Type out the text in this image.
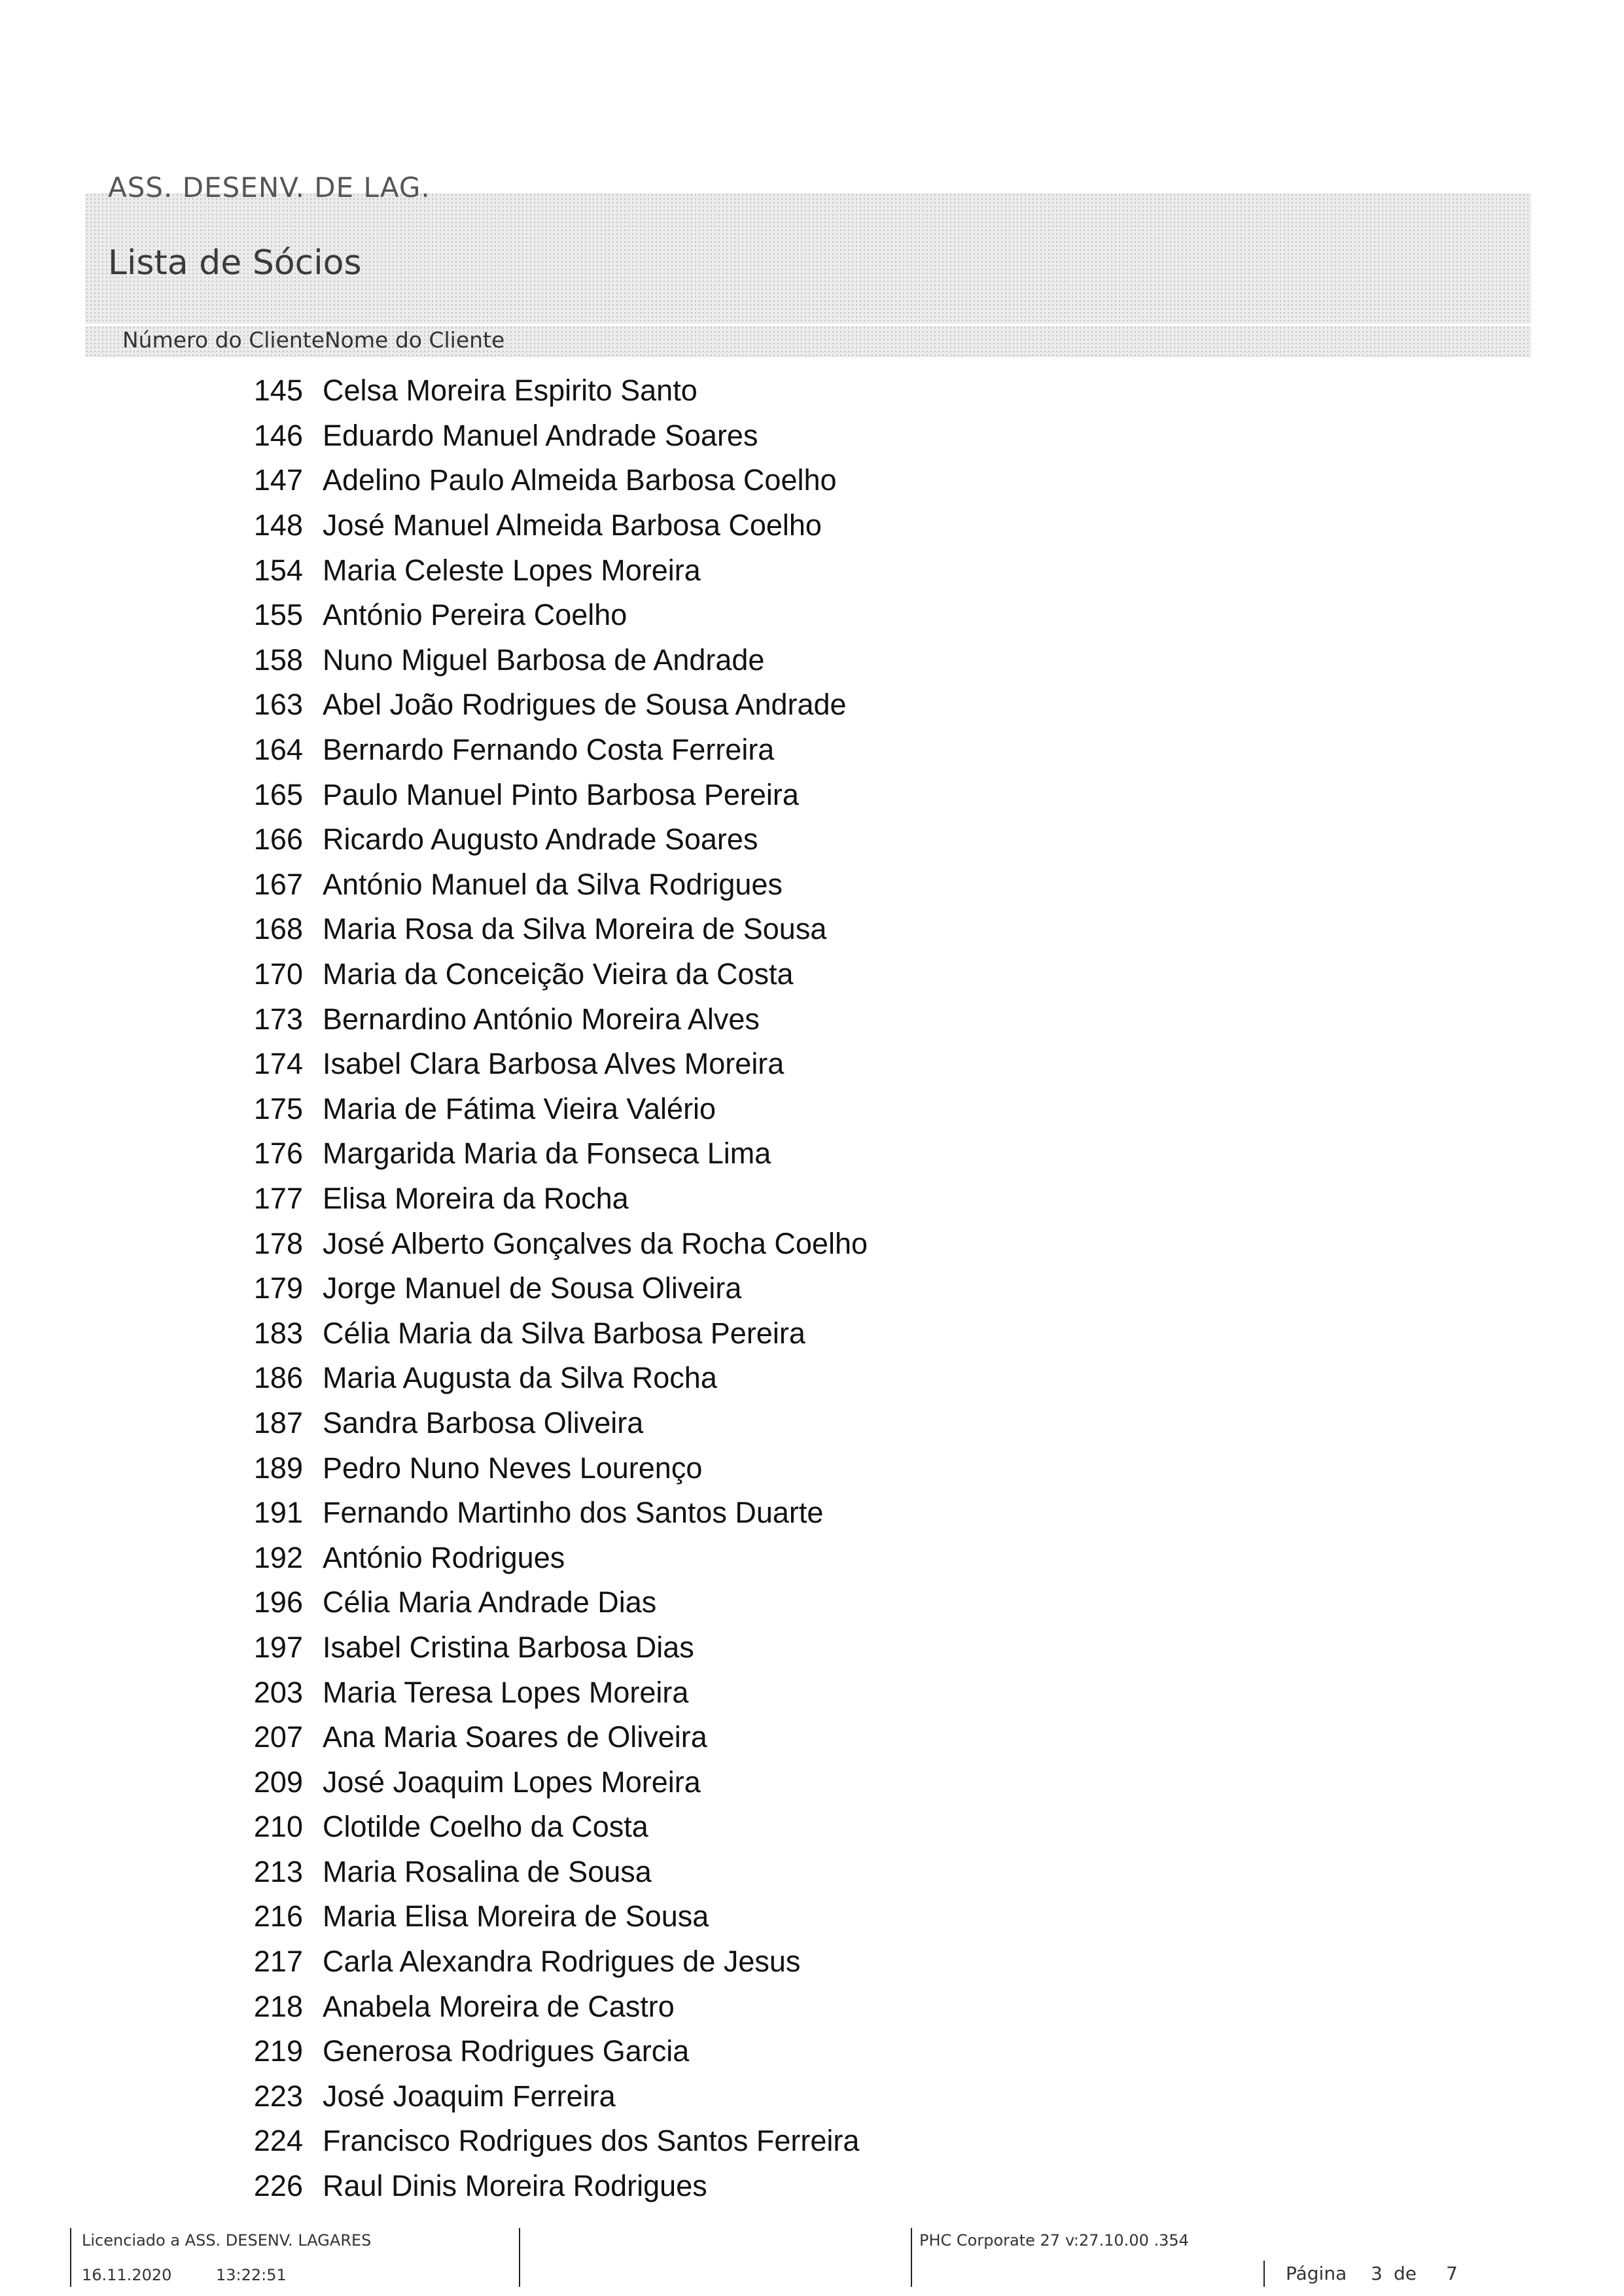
ASS. DESENV. DE LAG.
Lista de Sócios
Número do Cliente Nome do Cliente
145 Celsa Moreira Espirito Santo
146 Eduardo Manuel Andrade Soares
147 Adelino Paulo Almeida Barbosa Coelho
148 José Manuel Almeida Barbosa Coelho
154 Maria Celeste Lopes Moreira
155 António Pereira Coelho
158 Nuno Miguel Barbosa de Andrade
163 Abel João Rodrigues de Sousa Andrade
164 Bernardo Fernando Costa Ferreira
165 Paulo Manuel Pinto Barbosa Pereira
166 Ricardo Augusto Andrade Soares
167 António Manuel da Silva Rodrigues
168 Maria Rosa da Silva Moreira de Sousa
170 Maria da Conceição Vieira da Costa
173 Bernardino António Moreira Alves
174 Isabel Clara Barbosa Alves Moreira
175 Maria de Fátima Vieira Valério
176 Margarida Maria da Fonseca Lima
177 Elisa Moreira da Rocha
178 José Alberto Gonçalves da Rocha Coelho
179 Jorge Manuel de Sousa Oliveira
183 Célia Maria da Silva Barbosa Pereira
186 Maria Augusta da Silva Rocha
187 Sandra Barbosa Oliveira
189 Pedro Nuno Neves Lourenço
191 Fernando Martinho dos Santos Duarte
192 António Rodrigues
196 Célia Maria Andrade Dias
197 Isabel Cristina Barbosa Dias
203 Maria Teresa Lopes Moreira
207 Ana Maria Soares de Oliveira
209 José Joaquim Lopes Moreira
210 Clotilde Coelho da Costa
213 Maria Rosalina de Sousa
216 Maria Elisa Moreira de Sousa
217 Carla Alexandra Rodrigues de Jesus
218 Anabela Moreira de Castro
219 Generosa Rodrigues Garcia
223 José Joaquim Ferreira
224 Francisco Rodrigues dos Santos Ferreira
226 Raul Dinis Moreira Rodrigues
Licenciado a ASS. DESENV. LAGARES
16.11.2020	13:22:51
PHC Corporate 27 v:27.10.00 .354
Página 3 de 7
